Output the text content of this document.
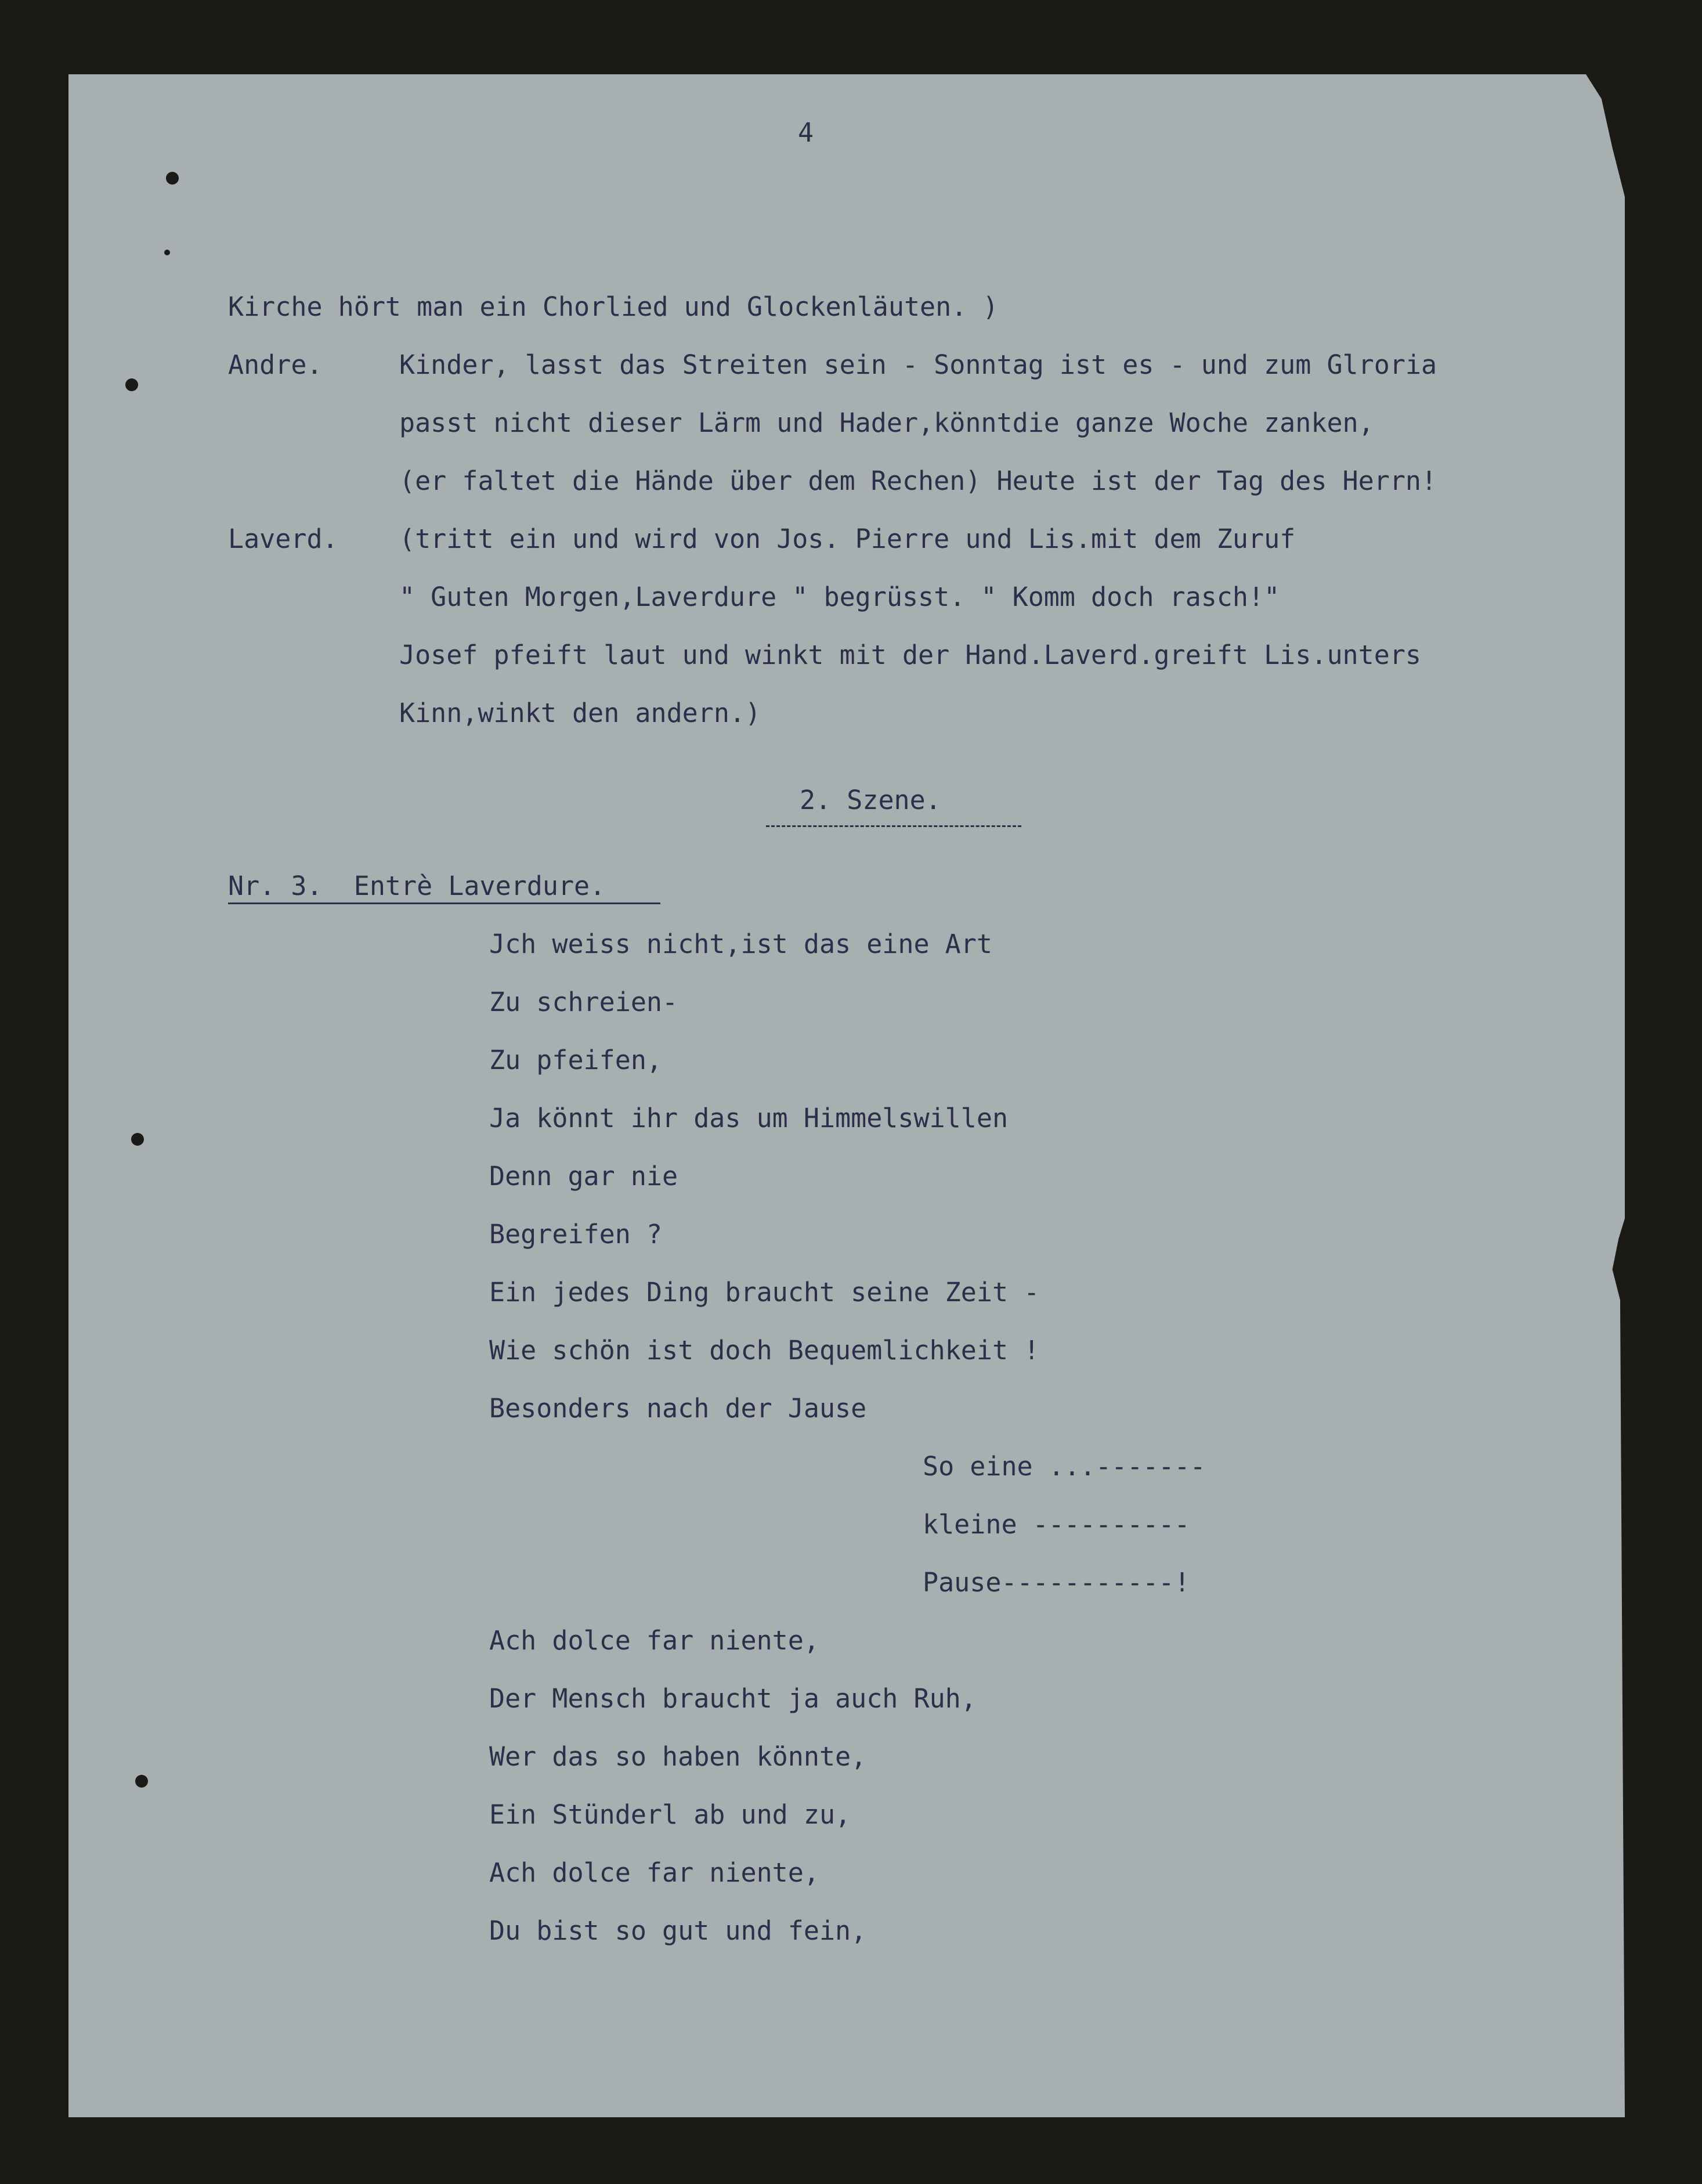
4

Kirche hört man ein Chorlied und Glockenläuten. )

Andre.

	Kinder, lasst das Streiten sein - Sonntag ist es - und zum Glroria

passt nicht dieser Lärm und Hader,könntdie ganze Woche zanken,

(er faltet die Hände über dem Rechen) Heute ist der Tag des Herrn!

Laverd.

(tritt ein und wird von Jos. Pierre und Lis.mit dem Zuruf

" Guten Morgen,Laverdure " begrüsst. " Komm doch rasch!"

Josef pfeift laut und winkt mit der Hand.Laverd.greift Lis.unters

Kinn,winkt den andern.)

2. Szene.

Nr. 3.  Entrè Laverdure.

Jch weiss nicht,ist das eine Art

Zu schreien-

Zu pfeifen,

Ja könnt ihr das um Himmelswillen

Denn gar nie

Begreifen ?

Ein jedes Ding braucht seine Zeit -

Wie schön ist doch Bequemlichkeit !

Besonders nach der Jause

So eine ...-------

kleine ----------

Pause-----------!

Ach dolce far niente,

Der Mensch braucht ja auch Ruh,

Wer das so haben könnte,

Ein Stünderl ab und zu,

Ach dolce far niente,

Du bist so gut und fein,
